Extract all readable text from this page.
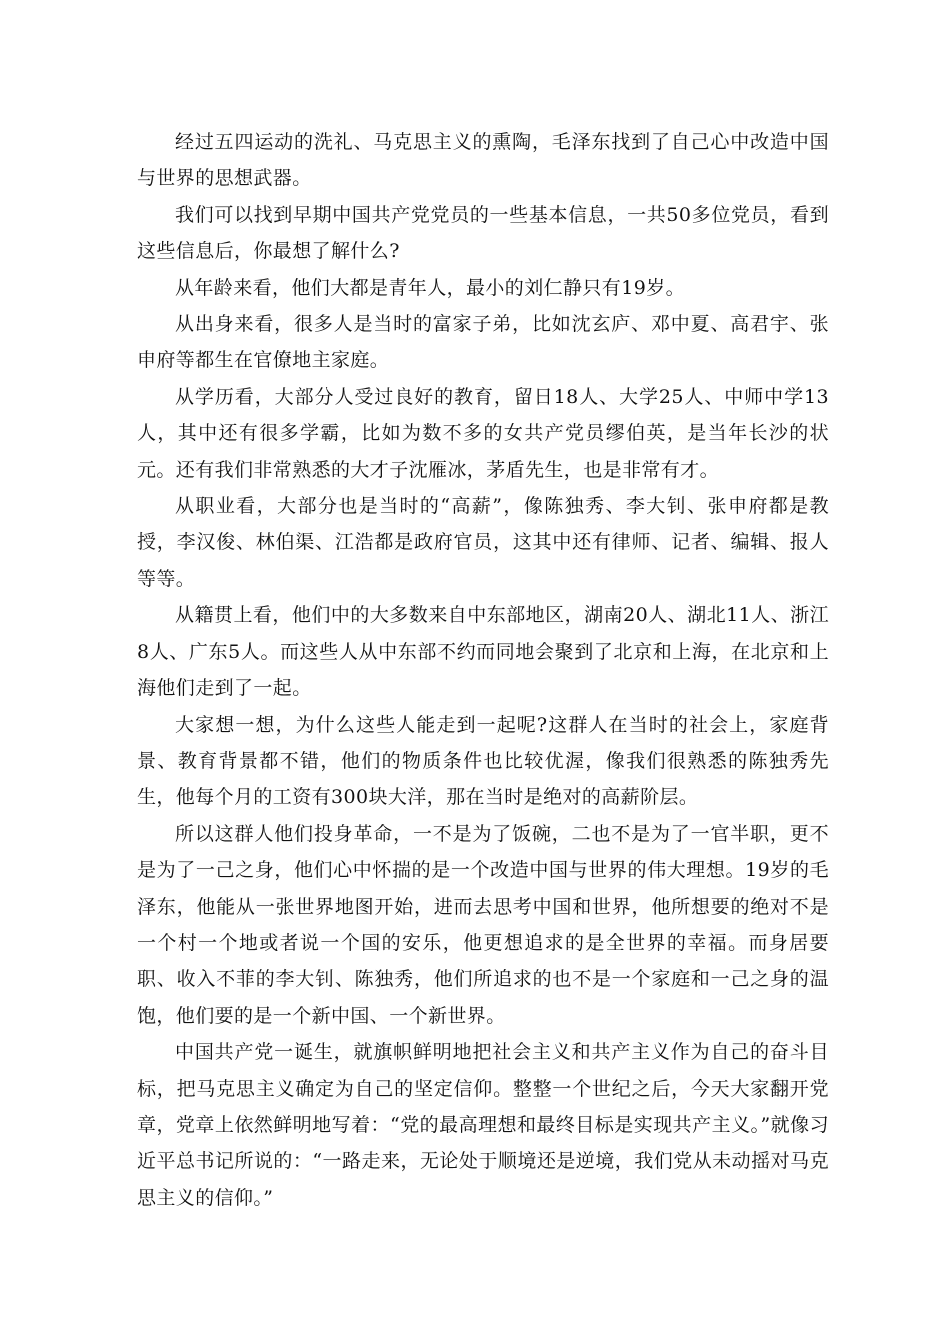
经过五四运动的洗礼、马克思主义的熏陶，毛泽东找到了自己心中改造中国与世界的思想武器。

我们可以找到早期中国共产党党员的一些基本信息，一共50多位党员，看到这些信息后，你最想了解什么?

从年龄来看，他们大都是青年人，最小的刘仁静只有19岁。

从出身来看，很多人是当时的富家子弟，比如沈玄庐、邓中夏、高君宇、张申府等都生在官僚地主家庭。

从学历看，大部分人受过良好的教育，留日18人、大学25人、中师中学13人，其中还有很多学霸，比如为数不多的女共产党员缪伯英，是当年长沙的状元。还有我们非常熟悉的大才子沈雁冰，茅盾先生，也是非常有才。

从职业看，大部分也是当时的“高薪”，像陈独秀、李大钊、张申府都是教授，李汉俊、林伯渠、江浩都是政府官员，这其中还有律师、记者、编辑、报人等等。

从籍贯上看，他们中的大多数来自中东部地区，湖南20人、湖北11人、浙江8人、广东5人。而这些人从中东部不约而同地会聚到了北京和上海，在北京和上海他们走到了一起。

大家想一想，为什么这些人能走到一起呢?这群人在当时的社会上，家庭背景、教育背景都不错，他们的物质条件也比较优渥，像我们很熟悉的陈独秀先生，他每个月的工资有300块大洋，那在当时是绝对的高薪阶层。

所以这群人他们投身革命，一不是为了饭碗，二也不是为了一官半职，更不是为了一己之身，他们心中怀揣的是一个改造中国与世界的伟大理想。19岁的毛泽东，他能从一张世界地图开始，进而去思考中国和世界，他所想要的绝对不是一个村一个地或者说一个国的安乐，他更想追求的是全世界的幸福。而身居要职、收入不菲的李大钊、陈独秀，他们所追求的也不是一个家庭和一己之身的温饱，他们要的是一个新中国、一个新世界。

中国共产党一诞生，就旗帜鲜明地把社会主义和共产主义作为自己的奋斗目标，把马克思主义确定为自己的坚定信仰。整整一个世纪之后，今天大家翻开党章，党章上依然鲜明地写着：“党的最高理想和最终目标是实现共产主义。”就像习近平总书记所说的：“一路走来，无论处于顺境还是逆境，我们党从未动摇对马克思主义的信仰。”
